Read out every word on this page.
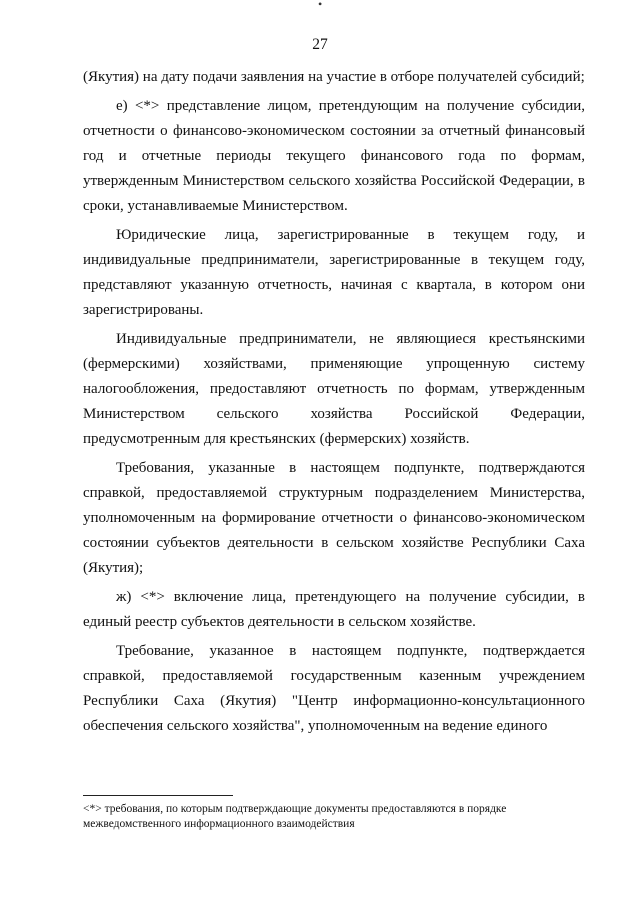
•
27

(Якутия) на дату подачи заявления на участие в отборе получателей субсидий;

е) <*> представление лицом, претендующим на получение субсидии, отчетности о финансово-экономическом состоянии за отчетный финансовый год и отчетные периоды текущего финансового года по формам, утвержденным Министерством сельского хозяйства Российской Федерации, в сроки, устанавливаемые Министерством.

Юридические лица, зарегистрированные в текущем году, и индивидуальные предприниматели, зарегистрированные в текущем году, представляют указанную отчетность, начиная с квартала, в котором они зарегистрированы.

Индивидуальные предприниматели, не являющиеся крестьянскими (фермерскими) хозяйствами, применяющие упрощенную систему налогообложения, предоставляют отчетность по формам, утвержденным Министерством сельского хозяйства Российской Федерации, предусмотренным для крестьянских (фермерских) хозяйств.

Требования, указанные в настоящем подпункте, подтверждаются справкой, предоставляемой структурным подразделением Министерства, уполномоченным на формирование отчетности о финансово-экономическом состоянии субъектов деятельности в сельском хозяйстве Республики Саха (Якутия);

ж) <*> включение лица, претендующего на получение субсидии, в единый реестр субъектов деятельности в сельском хозяйстве.

Требование, указанное в настоящем подпункте, подтверждается справкой, предоставляемой государственным казенным учреждением Республики Саха (Якутия) "Центр информационно-консультационного обеспечения сельского хозяйства", уполномоченным на ведение единого

<*> требования, по которым подтверждающие документы предоставляются в порядке межведомственного информационного взаимодействия
